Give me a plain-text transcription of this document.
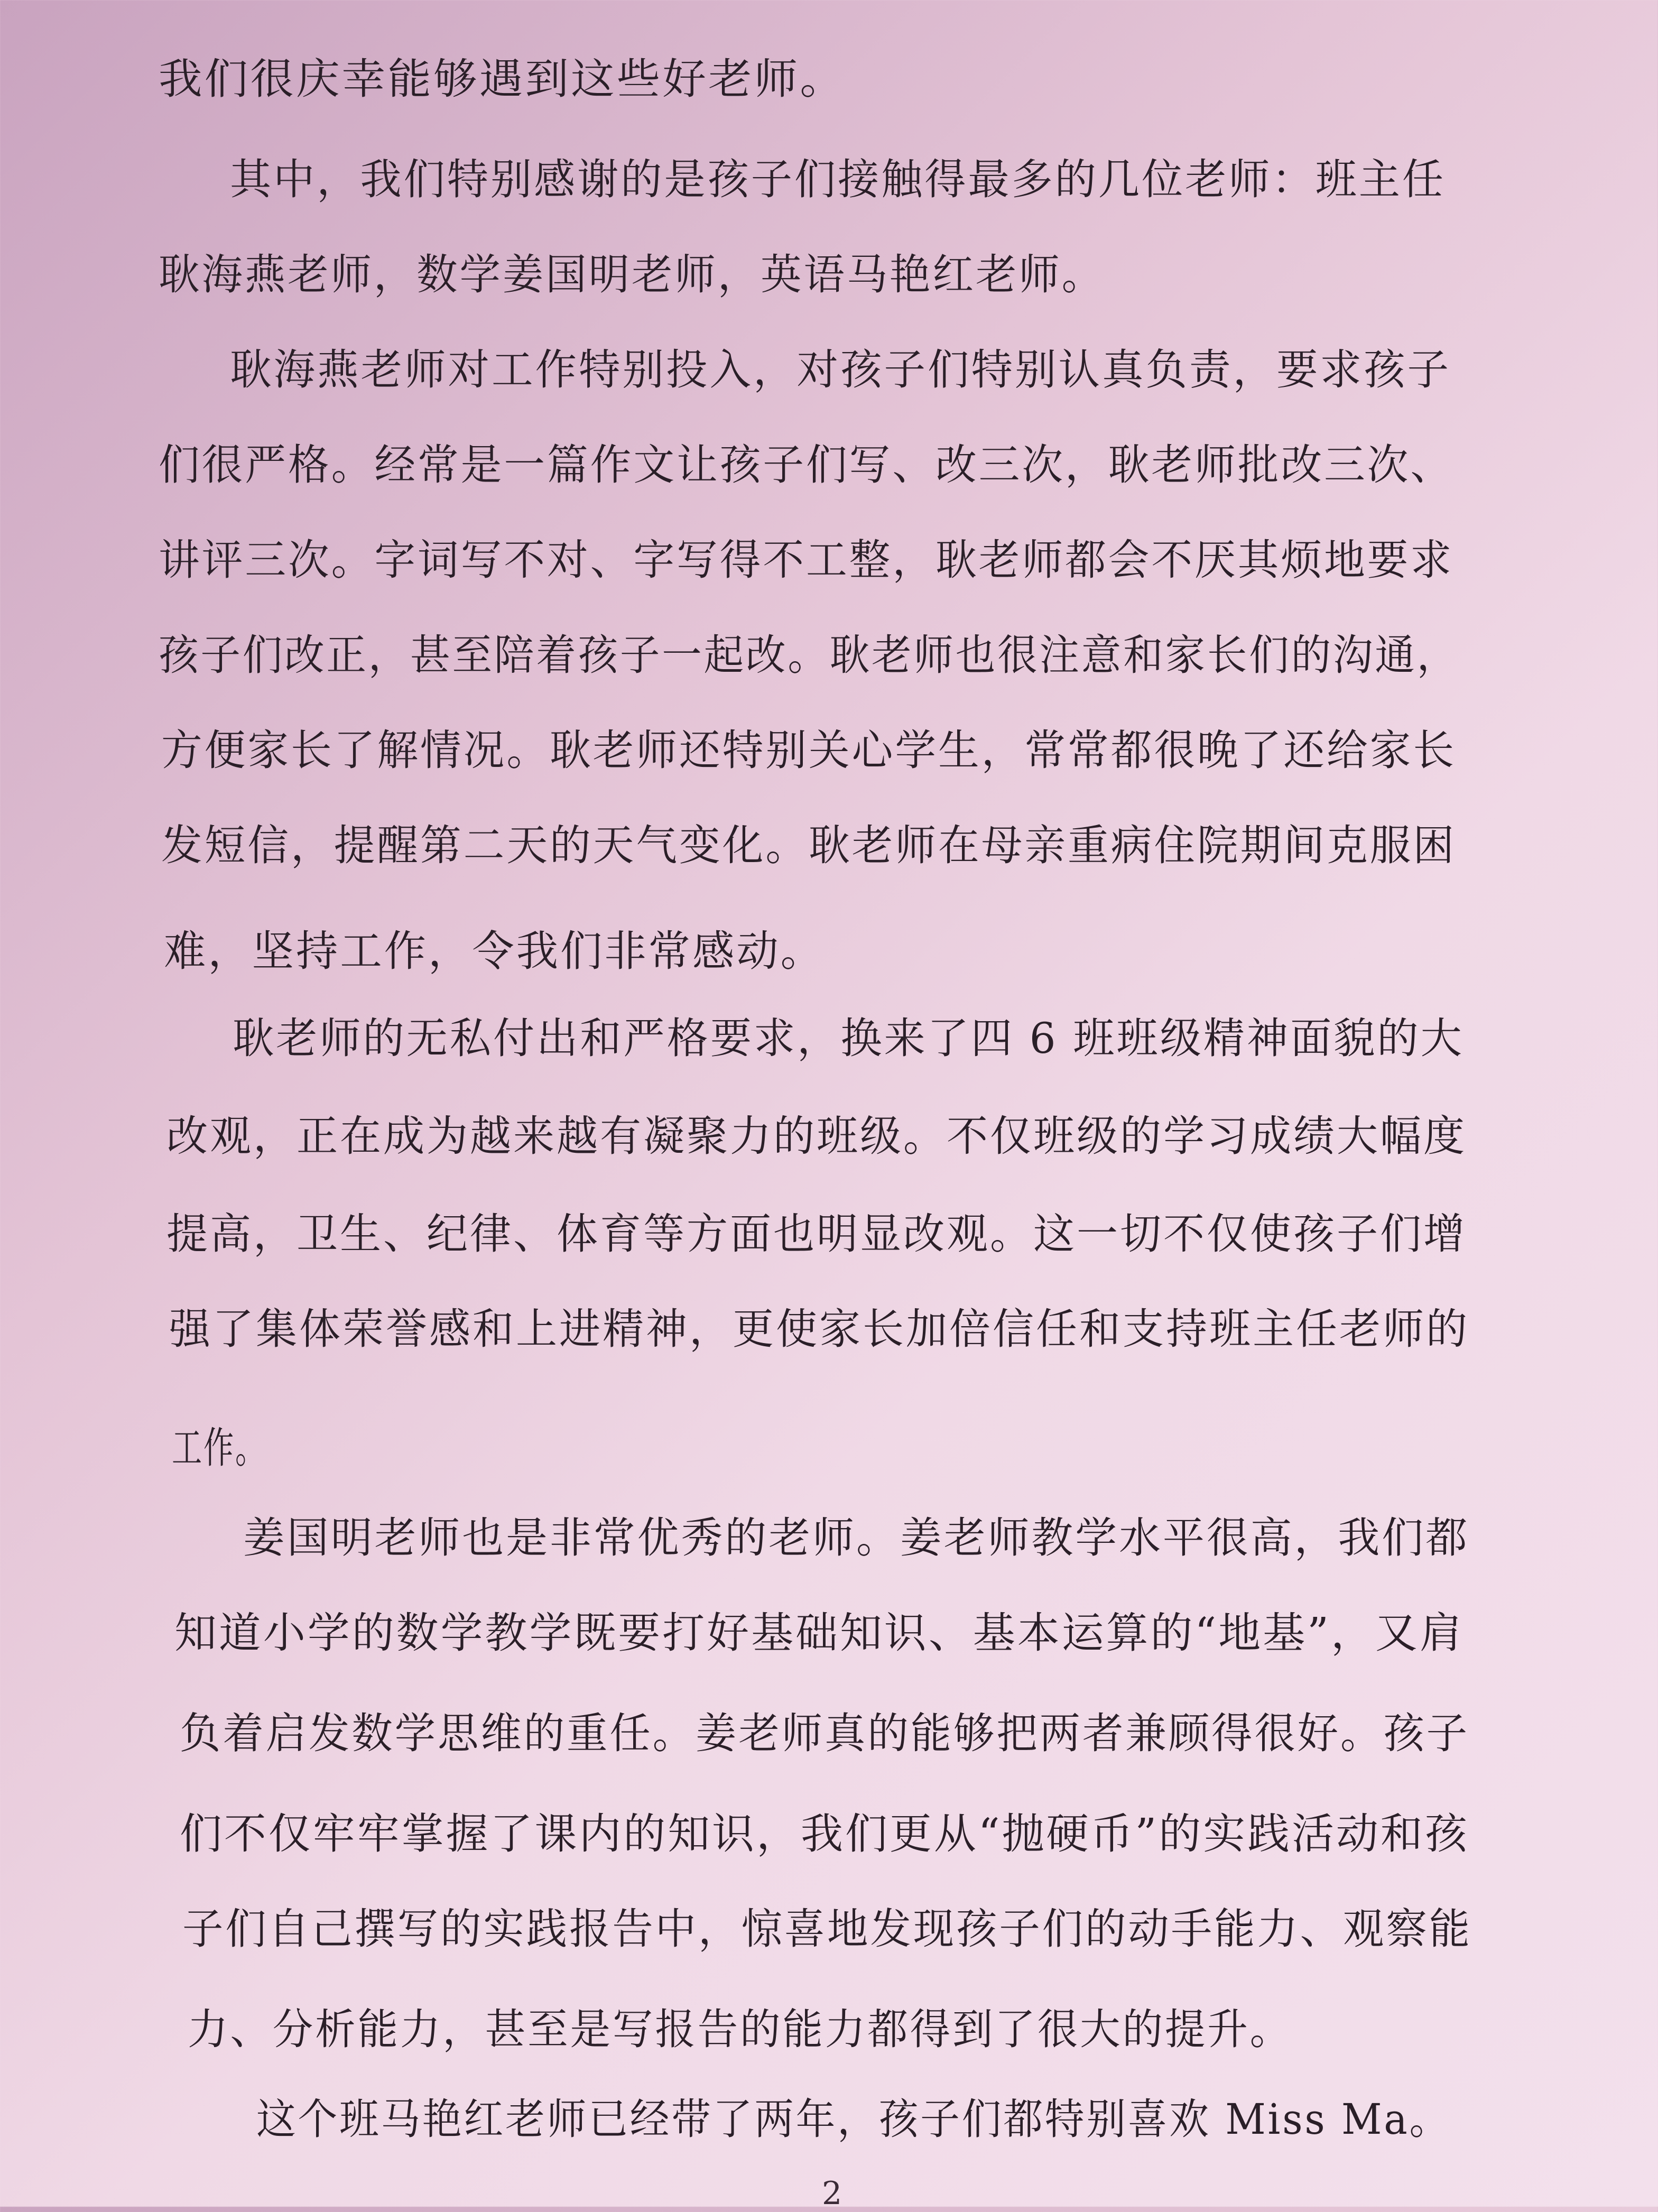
我们很庆幸能够遇到这些好老师。
其中，我们特别感谢的是孩子们接触得最多的几位老师：班主任
耿海燕老师，数学姜国明老师，英语马艳红老师。
耿海燕老师对工作特别投入，对孩子们特别认真负责，要求孩子
们很严格。经常是一篇作文让孩子们写、改三次，耿老师批改三次、
讲评三次。字词写不对、字写得不工整，耿老师都会不厌其烦地要求
孩子们改正，甚至陪着孩子一起改。耿老师也很注意和家长们的沟通，
方便家长了解情况。耿老师还特别关心学生，常常都很晚了还给家长
发短信，提醒第二天的天气变化。耿老师在母亲重病住院期间克服困
难，坚持工作，令我们非常感动。
耿老师的无私付出和严格要求，换来了四 6 班班级精神面貌的大
改观，正在成为越来越有凝聚力的班级。不仅班级的学习成绩大幅度
提高，卫生、纪律、体育等方面也明显改观。这一切不仅使孩子们增
强了集体荣誉感和上进精神，更使家长加倍信任和支持班主任老师的
工作。
姜国明老师也是非常优秀的老师。姜老师教学水平很高，我们都
知道小学的数学教学既要打好基础知识、基本运算的“地基”，又肩
负着启发数学思维的重任。姜老师真的能够把两者兼顾得很好。孩子
们不仅牢牢掌握了课内的知识，我们更从“抛硬币”的实践活动和孩
子们自己撰写的实践报告中，惊喜地发现孩子们的动手能力、观察能
力、分析能力，甚至是写报告的能力都得到了很大的提升。
这个班马艳红老师已经带了两年，孩子们都特别喜欢 Miss Ma。
2
